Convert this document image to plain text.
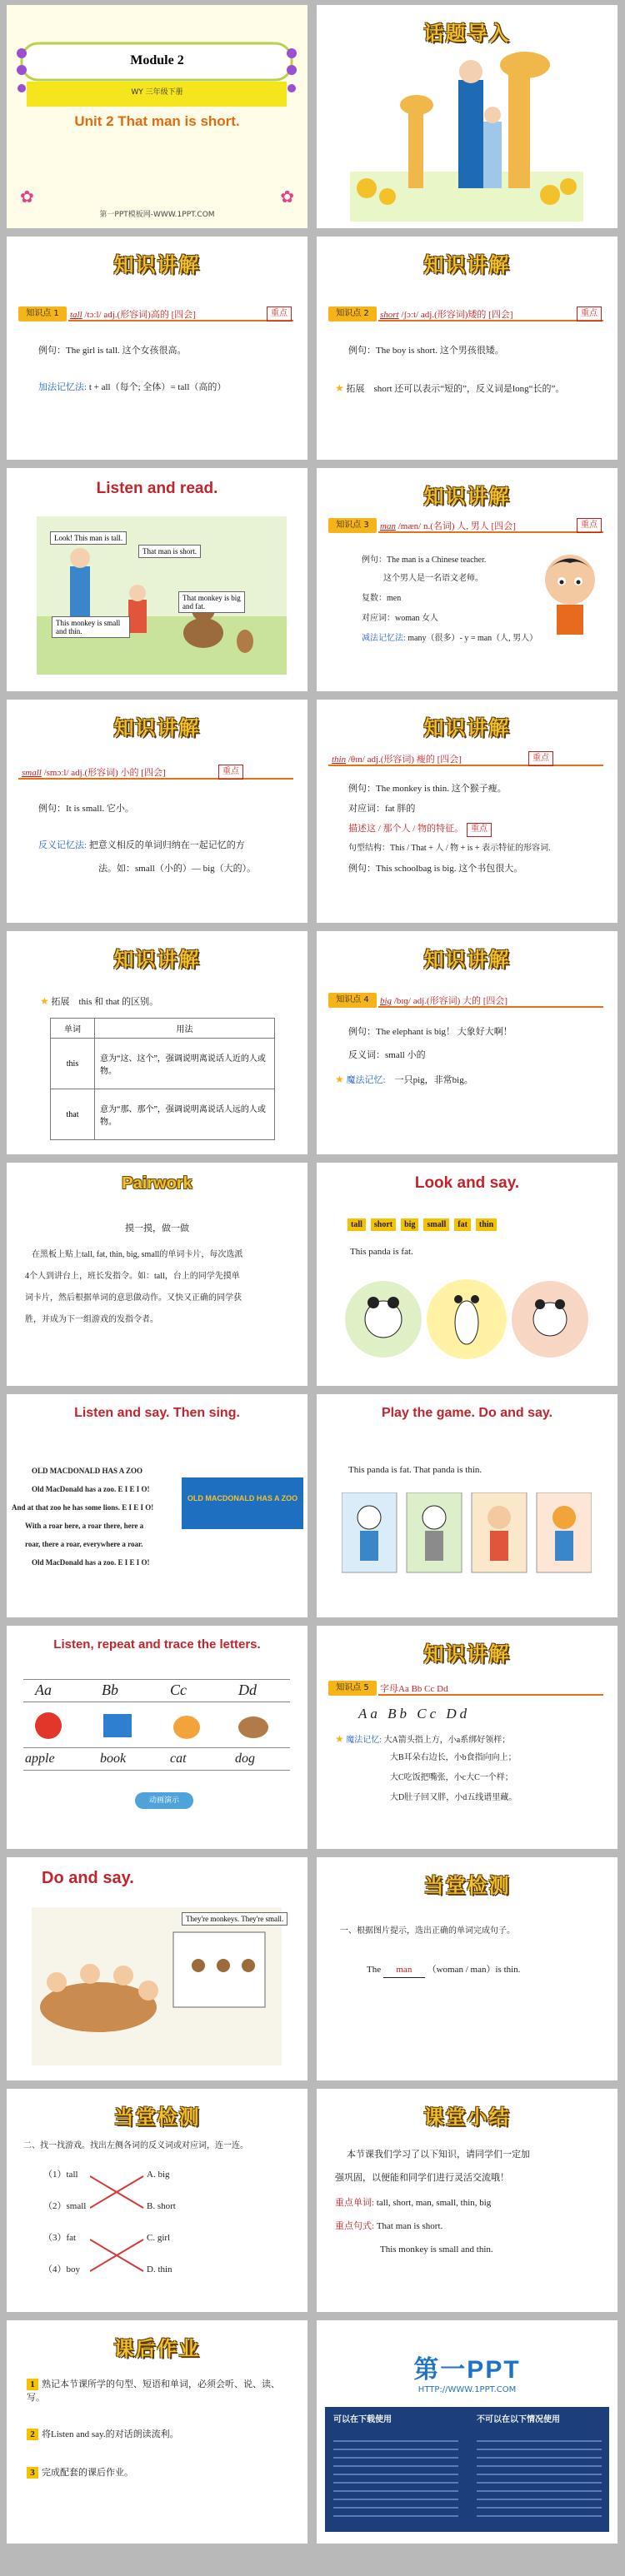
Module 2
WY 三年级下册
Unit 2 That man is short.
✿	✿
第一PPT模板网-WWW.1PPT.COM
话题导入
知识讲解
知识点 1	tall /tɔːl/ adj.(形容词)高的 [四会]	重点
例句：The girl is tall. 这个女孩很高。
加法记忆法: t + all（每个; 全体）= tall（高的）
知识讲解
知识点 2	short /ʃɔːt/ adj.(形容词)矮的 [四会]	重点
例句：The boy is short. 这个男孩很矮。
★ 拓展　 short 还可以表示“短的”，反义词是long“长的”。
Listen and read.
Look! This man is tall.
That man is short.
That monkey is big and fat.
This monkey is small and thin.
知识讲解
知识点 3	man /mæn/ n.(名词) 人, 男人 [四会]	重点
例句：The man is a Chinese teacher.
这个男人是一名语文老师。
复数：men
对应词：woman 女人
减法记忆法: many（很多）- y = man（人, 男人）
知识讲解
small /smɔːl/ adj.(形容词) 小的 [四会]	重点
例句：It is small. 它小。
反义记忆法: 把意义相反的单词归纳在一起记忆的方
法。如：small（小的）— big（大的）。
知识讲解
thin /θɪn/ adj.(形容词) 瘦的 [四会]	重点
例句：The monkey is thin. 这个猴子瘦。
对应词：fat 胖的
描述这 / 那个人 / 物的特征。 重点
句型结构：This / That + 人 / 物 + is + 表示特征的形容词.
例句：This schoolbag is big. 这个书包很大。
知识讲解
★ 拓展　 this 和 that 的区别。
单词	用法
this	意为“这、这个”，强调说明离说话人近的人或物。
that	意为“那、那个”，强调说明离说话人远的人或物。
知识讲解
知识点 4	big /bɪɡ/ adj.(形容词) 大的 [四会]
例句：The elephant is big！ 大象好大啊！
反义词：small 小的
★ 魔法记忆:　 一只pig，非常big。
Pairwork
摸一摸，做一做
在黑板上贴上tall, fat, thin, big, small的单词卡片，每次选派
4个人到讲台上，班长发指令。如：tall，台上的同学先摸单
词卡片，然后根据单词的意思做动作。又快又正确的同学获
胜，并成为下一组游戏的发指令者。
Look and say.
tall short big small fat thin
This panda is fat.
Listen and say. Then sing.
OLD MACDONALD HAS A ZOO
Old MacDonald has a zoo. E I E I O!
And at that zoo he has some lions. E I E I O!
With a roar here, a roar there, here a
roar, there a roar, everywhere a roar.
Old MacDonald has a zoo. E I E I O!
OLD MACDONALD HAS A ZOO
Play the game. Do and say.
This panda is fat. That panda is thin.
Listen, repeat and trace the letters.
Aa	Bb	Cc	Dd
apple	book	cat	dog
动画演示
知识讲解
知识点 5	字母Aa Bb Cc Dd
Aa Bb Cc Dd
★ 魔法记忆: 大A箭头指上方，小a系绑好领样；
大B耳朵右边长，小b食指向向上；
大C吃饭把嘴张，小c大C一个样；
大D肚子回又胖，小d五线谱里藏。
Do and say.
They're monkeys. They're small.
当堂检测
一、根据图片提示，选出正确的单词完成句子。
The man （woman / man）is thin.
当堂检测
二、找一找游戏。找出左侧各词的反义词或对应词，连一连。
（1）tall
（2）small
（3）fat
（4）boy
A. big
B. short
C. girl
D. thin
课堂小结
本节课我们学习了以下知识，请同学们一定加
强巩固，以便能和同学们进行灵活交流哦！
重点单词: tall, short, man, small, thin, big
重点句式: That man is short.
This monkey is small and thin.
课后作业
1 熟记本节课所学的句型、短语和单词，必须会听、说、读、写。
2 将Listen and say.的对话朗读流利。
3 完成配套的课后作业。
第一PPT
HTTP://WWW.1PPT.COM
可以在下载使用	不可以在以下情况使用
